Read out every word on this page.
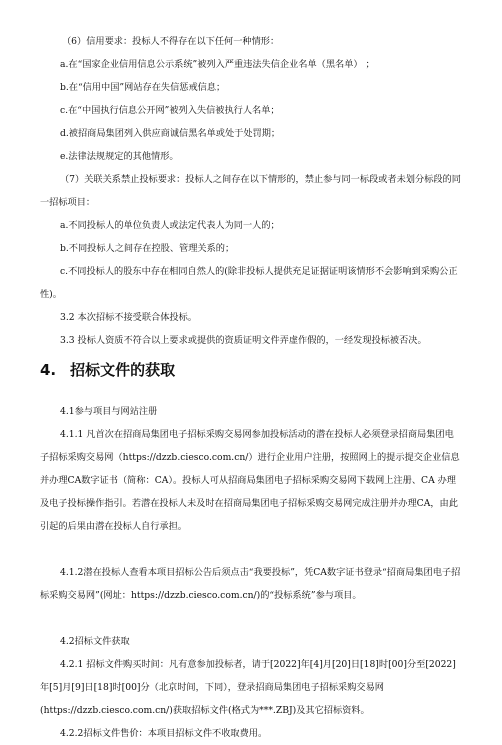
（6）信用要求：投标人不得存在以下任何一种情形：

a.在“国家企业信用信息公示系统”被列入严重违法失信企业名单（黑名单） ；

b.在“信用中国”网站存在失信惩戒信息；

c.在“中国执行信息公开网”被列入失信被执行人名单；

d.被招商局集团列入供应商诚信黑名单或处于处罚期；

e.法律法规规定的其他情形。

（7）关联关系禁止投标要求：投标人之间存在以下情形的，禁止参与同一标段或者未划分标段的同一招标项目：

a.不同投标人的单位负责人或法定代表人为同一人的；

b.不同投标人之间存在控股、管理关系的；

c.不同投标人的股东中存在相同自然人的(除非投标人提供充足证据证明该情形不会影响到采购公正性)。

3.2 本次招标不接受联合体投标。

3.3 投标人资质不符合以上要求或提供的资质证明文件弄虚作假的，一经发现投标被否决。

4. 招标文件的获取

4.1参与项目与网站注册

4.1.1 凡首次在招商局集团电子招标采购交易网参加投标活动的潜在投标人必须登录招商局集团电子招标采购交易网（https://dzzb.ciesco.com.cn/）进行企业用户注册，按照网上的提示提交企业信息并办理CA数字证书（简称：CA）。投标人可从招商局集团电子招标采购交易网下载网上注册、CA 办理及电子投标操作指引。若潜在投标人未及时在招商局集团电子招标采购交易网完成注册并办理CA，由此引起的后果由潜在投标人自行承担。

4.1.2潜在投标人查看本项目招标公告后须点击“我要投标”，凭CA数字证书登录“招商局集团电子招标采购交易网”(网址：https://dzzb.ciesco.com.cn/)的“投标系统”参与项目。

4.2招标文件获取

4.2.1 招标文件购买时间：凡有意参加投标者，请于[2022]年[4]月[20]日[18]时[00]分至[2022]年[5]月[9]日[18]时[00]分（北京时间，下同），登录招商局集团电子招标采购交易网(https://dzzb.ciesco.com.cn/)获取招标文件(格式为***.ZBJ)及其它招标资料。

4.2.2招标文件售价：本项目招标文件不收取费用。
